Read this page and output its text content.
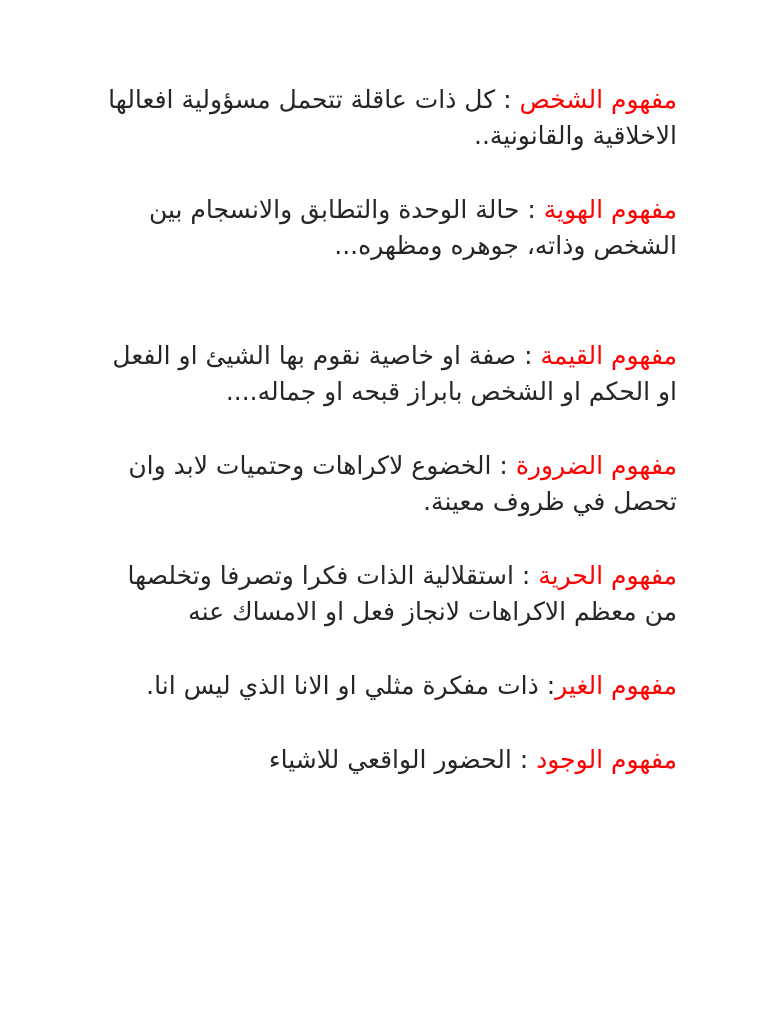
مفهوم الشخص : كل ذات عاقلة تتحمل مسؤولية افعالها الاخلاقية والقانونية..

مفهوم الهوية : حالة الوحدة والتطابق والانسجام بين الشخص وذاته، جوهره ومظهره...

مفهوم القيمة : صفة او خاصية نقوم بها الشيئ او الفعل او الحكم او الشخص بابراز قبحه او جماله....

مفهوم الضرورة : الخضوع لاكراهات وحتميات لابد وان تحصل في ظروف معينة.

مفهوم الحرية : استقلالية الذات فكرا وتصرفا وتخلصها من معظم الاكراهات لانجاز فعل او الامساك عنه

مفهوم الغير: ذات مفكرة مثلي او الانا الذي ليس انا.

مفهوم الوجود : الحضور الواقعي للاشياء
